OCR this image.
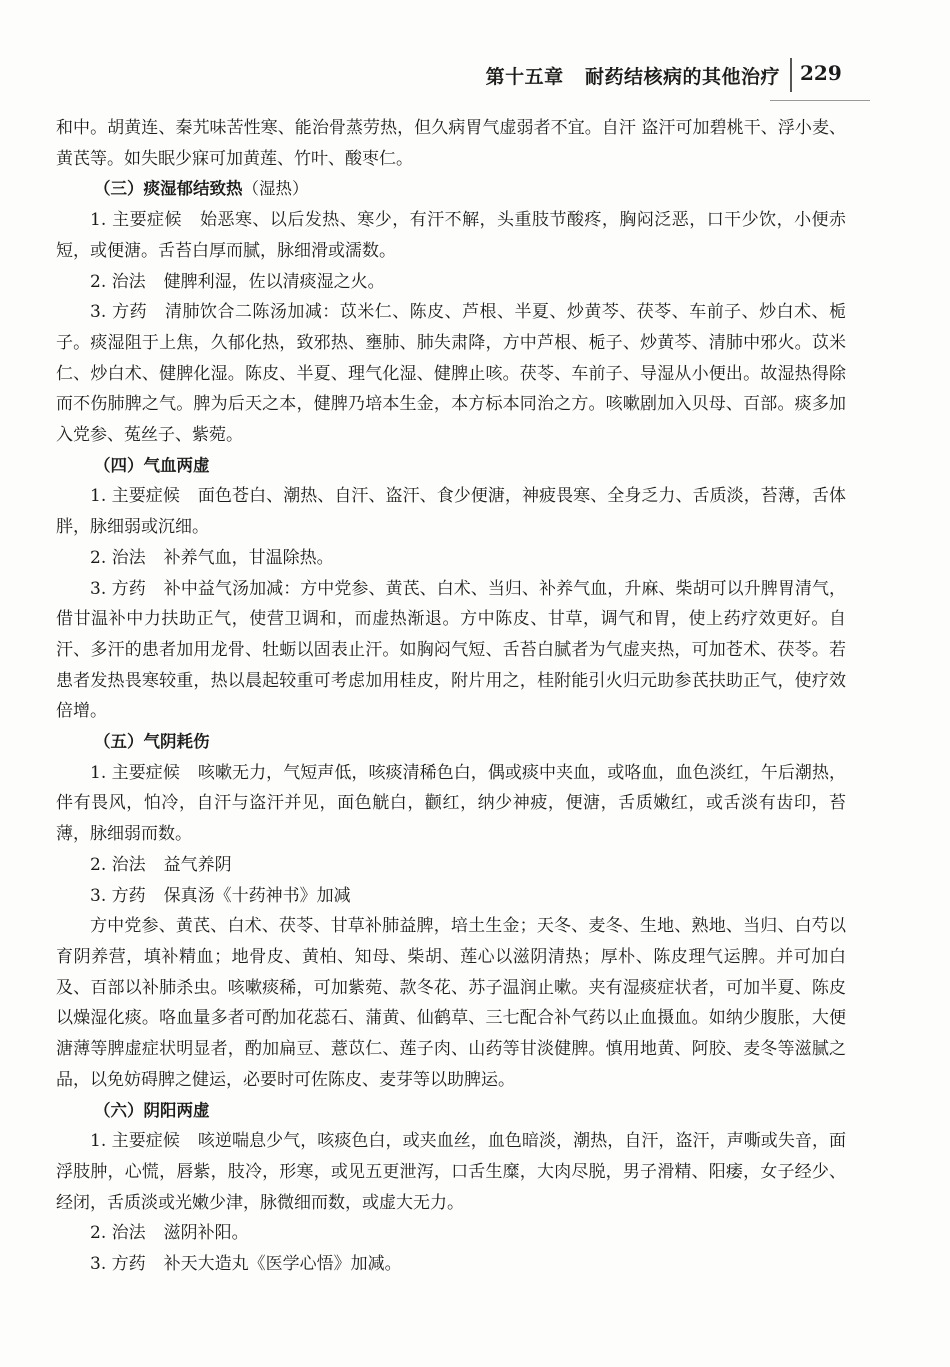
第十五章 耐药结核病的其他治疗 229

和中。胡黄连、秦艽味苦性寒、能治骨蒸劳热，但久病胃气虚弱者不宜。自汗 盗汗可加碧桃干、浮小麦、黄芪等。如失眠少寐可加黄莲、竹叶、酸枣仁。

（三）痰湿郁结致热（湿热）

1. 主要症候 始恶寒、以后发热、寒少，有汗不解，头重肢节酸疼，胸闷泛恶，口干少饮，小便赤短，或便溏。舌苔白厚而腻，脉细滑或濡数。

2. 治法 健脾利湿，佐以清痰湿之火。

3. 方药 清肺饮合二陈汤加减：苡米仁、陈皮、芦根、半夏、炒黄芩、茯苓、车前子、炒白术、栀子。痰湿阻于上焦，久郁化热，致邪热、壅肺、肺失肃降，方中芦根、栀子、炒黄芩、清肺中邪火。苡米仁、炒白术、健脾化湿。陈皮、半夏、理气化湿、健脾止咳。茯苓、车前子、导湿从小便出。故湿热得除而不伤肺脾之气。脾为后天之本，健脾乃培本生金，本方标本同治之方。咳嗽剧加入贝母、百部。痰多加入党参、菟丝子、紫菀。

（四）气血两虚

1. 主要症候 面色苍白、潮热、自汗、盗汗、食少便溏，神疲畏寒、全身乏力、舌质淡，苔薄，舌体胖，脉细弱或沉细。

2. 治法 补养气血，甘温除热。

3. 方药 补中益气汤加减：方中党参、黄芪、白术、当归、补养气血，升麻、柴胡可以升脾胃清气，借甘温补中力扶助正气，使营卫调和，而虚热渐退。方中陈皮、甘草，调气和胃，使上药疗效更好。自汗、多汗的患者加用龙骨、牡蛎以固表止汗。如胸闷气短、舌苔白腻者为气虚夹热，可加苍术、茯苓。若患者发热畏寒较重，热以晨起较重可考虑加用桂皮，附片用之，桂附能引火归元助参芪扶助正气，使疗效倍增。

（五）气阴耗伤

1. 主要症候 咳嗽无力，气短声低，咳痰清稀色白，偶或痰中夹血，或咯血，血色淡红，午后潮热，伴有畏风，怕冷，自汗与盗汗并见，面色觥白，颧红，纳少神疲，便溏，舌质嫩红，或舌淡有齿印，苔薄，脉细弱而数。

2. 治法 益气养阴

3. 方药 保真汤《十药神书》加减

方中党参、黄芪、白术、茯苓、甘草补肺益脾，培土生金；天冬、麦冬、生地、熟地、当归、白芍以育阴养营，填补精血；地骨皮、黄柏、知母、柴胡、莲心以滋阴清热；厚朴、陈皮理气运脾。并可加白及、百部以补肺杀虫。咳嗽痰稀，可加紫菀、款冬花、苏子温润止嗽。夹有湿痰症状者，可加半夏、陈皮以燥湿化痰。咯血量多者可酌加花蕊石、蒲黄、仙鹤草、三七配合补气药以止血摄血。如纳少腹胀，大便溏薄等脾虚症状明显者，酌加扁豆、薏苡仁、莲子肉、山药等甘淡健脾。慎用地黄、阿胶、麦冬等滋腻之品，以免妨碍脾之健运，必要时可佐陈皮、麦芽等以助脾运。

（六）阴阳两虚

1. 主要症候 咳逆喘息少气，咳痰色白，或夹血丝，血色暗淡，潮热，自汗，盗汗，声嘶或失音，面浮肢肿，心慌，唇紫，肢冷，形寒，或见五更泄泻，口舌生糜，大肉尽脱，男子滑精、阳痿，女子经少、经闭，舌质淡或光嫩少津，脉微细而数，或虚大无力。

2. 治法 滋阴补阳。

3. 方药 补天大造丸《医学心悟》加减。
